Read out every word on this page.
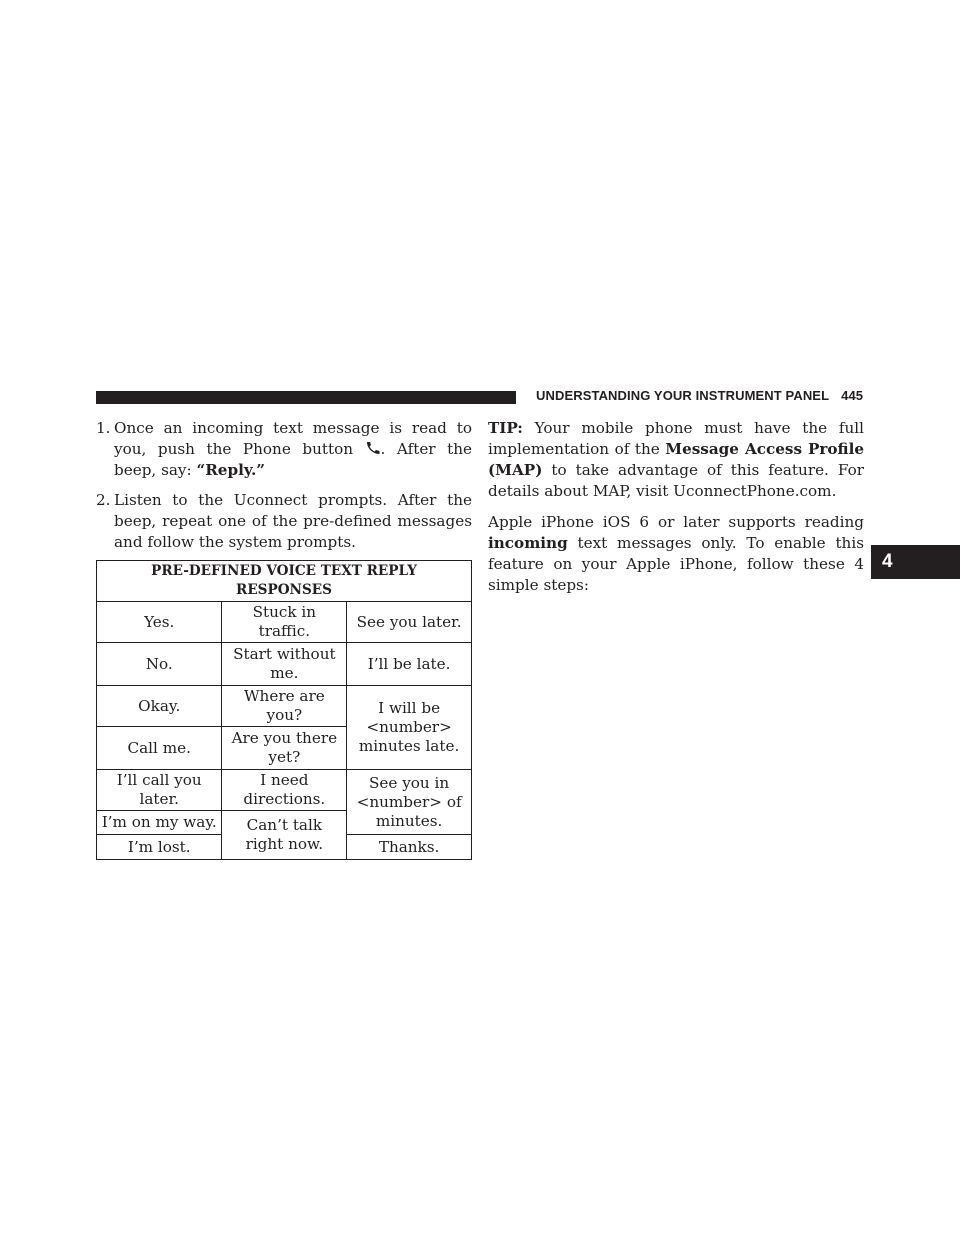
UNDERSTANDING YOUR INSTRUMENT PANEL 445
4
1. Once an incoming text message is read to you, push the Phone button . After the beep, say: “Reply.”
2. Listen to the Uconnect prompts. After the beep, repeat one of the pre-defined messages and follow the system prompts.
PRE-DEFINED VOICE TEXT REPLY RESPONSES		
Yes.	Stuck in traffic.	See you later.
No.	Start without me.	I’ll be late.
Okay.	Where are you?	I will be <number> minutes late.
Call me.	Are you there yet?	
I’ll call you later.	I need directions.	See you in <number> of minutes.
I’m on my way.	Can’t talk right now.	
I’m lost.		Thanks.

TIP: Your mobile phone must have the full implementation of the Message Access Profile (MAP) to take advantage of this feature. For details about MAP, visit UconnectPhone.com.

Apple iPhone iOS 6 or later supports reading incoming text messages only. To enable this feature on your Apple iPhone, follow these 4 simple steps:
